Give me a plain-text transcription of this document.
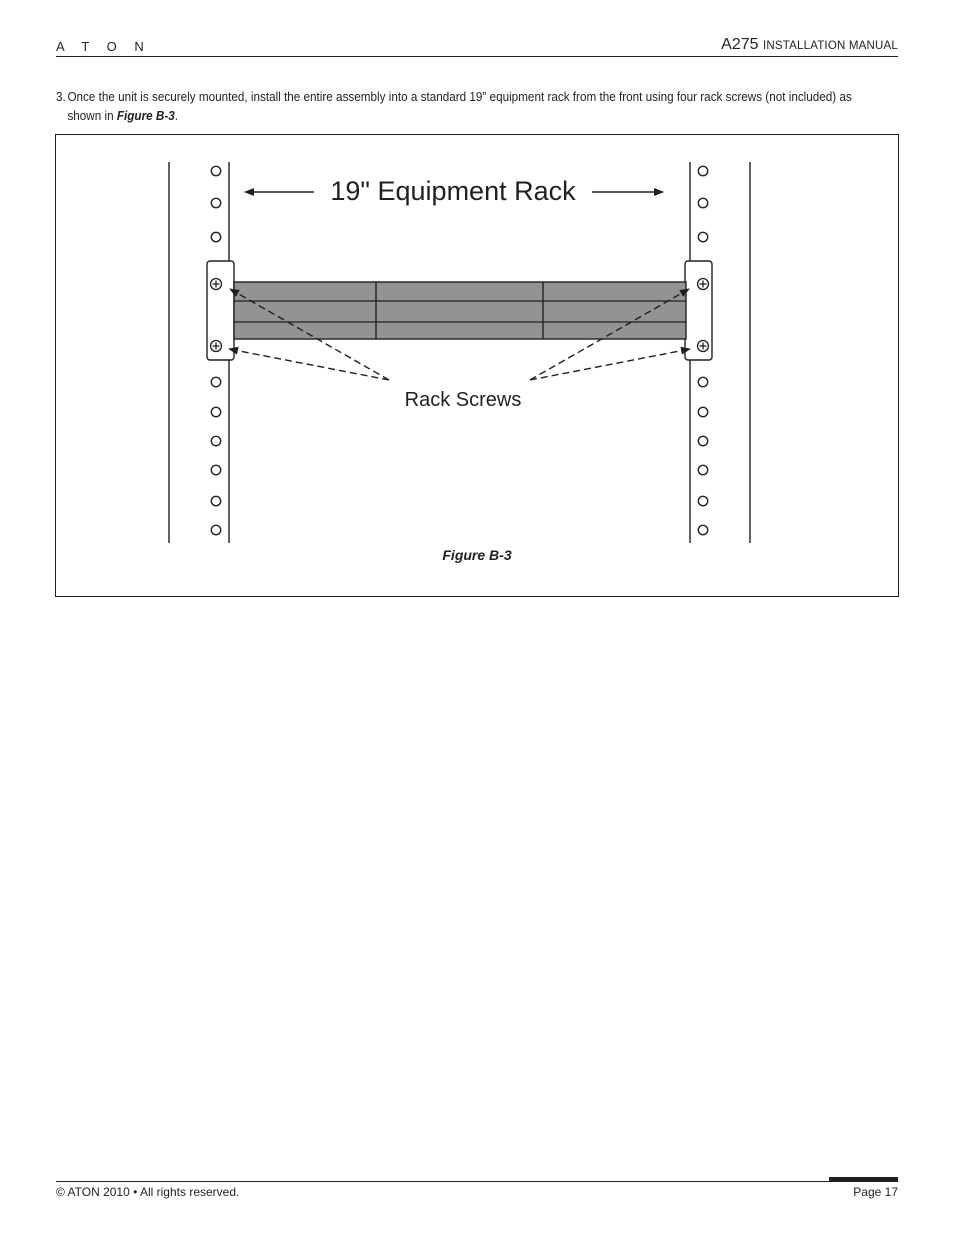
A T O N	A275 INSTALLATION MANUAL
3. Once the unit is securely mounted, install the entire assembly into a standard 19” equipment rack from the front using four rack screws (not included) as shown in Figure B-3.
19" Equipment Rack
Rack Screws
Figure B-3
© ATON 2010 • All rights reserved.	Page 17
